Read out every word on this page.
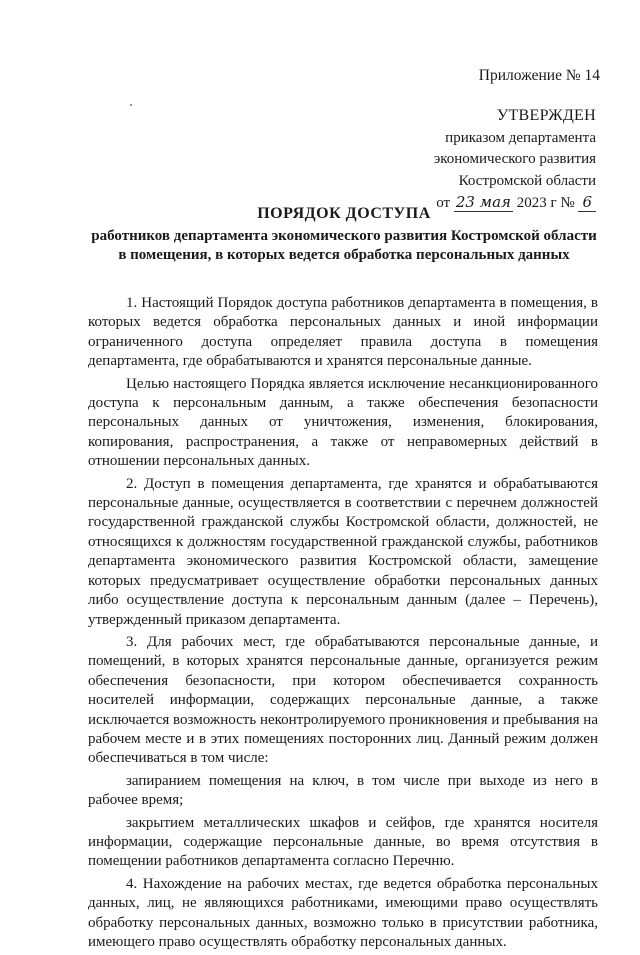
Приложение № 14
УТВЕРЖДЕН
приказом департамента
экономического развития
Костромской области
от 23 мая 2023 г № 6
ПОРЯДОК ДОСТУПА
работников департамента экономического развития Костромской области в помещения, в которых ведется обработка персональных данных

1. Настоящий Порядок доступа работников департамента в помещения, в которых ведется обработка персональных данных и иной информации ограниченного доступа определяет правила доступа в помещения департамента, где обрабатываются и хранятся персональные данные.

Целью настоящего Порядка является исключение несанкционированного доступа к персональным данным, а также обеспечения безопасности персональных данных от уничтожения, изменения, блокирования, копирования, распространения, а также от неправомерных действий в отношении персональных данных.

2. Доступ в помещения департамента, где хранятся и обрабатываются персональные данные, осуществляется в соответствии с перечнем должностей государственной гражданской службы Костромской области, должностей, не относящихся к должностям государственной гражданской службы, работников департамента экономического развития Костромской области, замещение которых предусматривает осуществление обработки персональных данных либо осуществление доступа к персональным данным (далее – Перечень), утвержденный приказом департамента.

3. Для рабочих мест, где обрабатываются персональные данные, и помещений, в которых хранятся персональные данные, организуется режим обеспечения безопасности, при котором обеспечивается сохранность носителей информации, содержащих персональные данные, а также исключается возможность неконтролируемого проникновения и пребывания на рабочем месте и в этих помещениях посторонних лиц. Данный режим должен обеспечиваться в том числе:

запиранием помещения на ключ, в том числе при выходе из него в рабочее время;

закрытием металлических шкафов и сейфов, где хранятся носителя информации, содержащие персональные данные, во время отсутствия в помещении работников департамента согласно Перечню.

4. Нахождение на рабочих местах, где ведется обработка персональных данных, лиц, не являющихся работниками, имеющими право осуществлять обработку персональных данных, возможно только в присутствии работника, имеющего право осуществлять обработку персональных данных.
